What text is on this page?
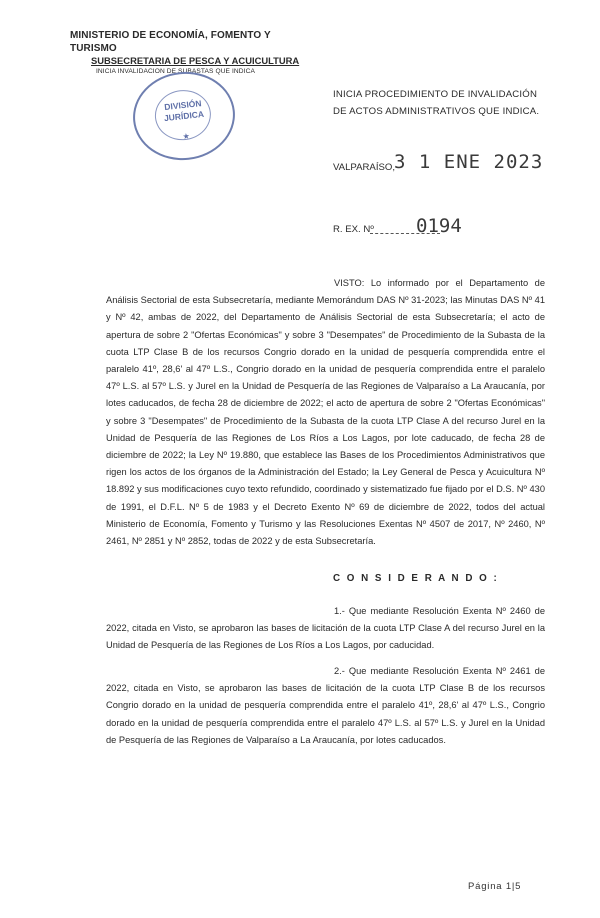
MINISTERIO DE ECONOMÍA, FOMENTO Y TURISMO
SUBSECRETARIA DE PESCA Y ACUICULTURA
INICIA INVALIDACION DE SUBASTAS QUE INDICA
DIVISIÓN
JURÍDICA
★
INICIA PROCEDIMIENTO DE INVALIDACIÓN DE ACTOS ADMINISTRATIVOS QUE INDICA.
VALPARAÍSO,
3 1 ENE 2023
R. EX. Nº 0194
VISTO: Lo informado por el Departamento de Análisis Sectorial de esta Subsecretaría, mediante Memorándum DAS Nº 31-2023; las Minutas DAS Nº 41 y Nº 42, ambas de 2022, del Departamento de Análisis Sectorial de esta Subsecretaría; el acto de apertura de sobre 2 "Ofertas Económicas" y sobre 3 "Desempates" de Procedimiento de la Subasta de la cuota LTP Clase B de los recursos Congrio dorado en la unidad de pesquería comprendida entre el paralelo 41º, 28,6' al 47º L.S., Congrio dorado en la unidad de pesquería comprendida entre el paralelo 47º L.S. al 57º L.S. y Jurel en la Unidad de Pesquería de las Regiones de Valparaíso a La Araucanía, por lotes caducados, de fecha 28 de diciembre de 2022; el acto de apertura de sobre 2 "Ofertas Económicas" y sobre 3 "Desempates" de Procedimiento de la Subasta de la cuota LTP Clase A del recurso Jurel en la Unidad de Pesquería de las Regiones de Los Ríos a Los Lagos, por lote caducado, de fecha 28 de diciembre de 2022; la Ley Nº 19.880, que establece las Bases de los Procedimientos Administrativos que rigen los actos de los órganos de la Administración del Estado; la Ley General de Pesca y Acuicultura Nº 18.892 y sus modificaciones cuyo texto refundido, coordinado y sistematizado fue fijado por el D.S. Nº 430 de 1991, el D.F.L. Nº 5 de 1983 y el Decreto Exento Nº 69 de diciembre de 2022, todos del actual Ministerio de Economía, Fomento y Turismo y las Resoluciones Exentas Nº 4507 de 2017, Nº 2460, Nº 2461, Nº 2851 y Nº 2852, todas de 2022 y de esta Subsecretaría.
C O N S I D E R A N D O :
1.- Que mediante Resolución Exenta Nº 2460 de 2022, citada en Visto, se aprobaron las bases de licitación de la cuota LTP Clase A del recurso Jurel en la Unidad de Pesquería de las Regiones de Los Ríos a Los Lagos, por caducidad.
2.- Que mediante Resolución Exenta Nº 2461 de 2022, citada en Visto, se aprobaron las bases de licitación de la cuota LTP Clase B de los recursos Congrio dorado en la unidad de pesquería comprendida entre el paralelo 41º, 28,6' al 47º L.S., Congrio dorado en la unidad de pesquería comprendida entre el paralelo 47º L.S. al 57º L.S. y Jurel en la Unidad de Pesquería de las Regiones de Valparaíso a La Araucanía, por lotes caducados.
Página 1|5
